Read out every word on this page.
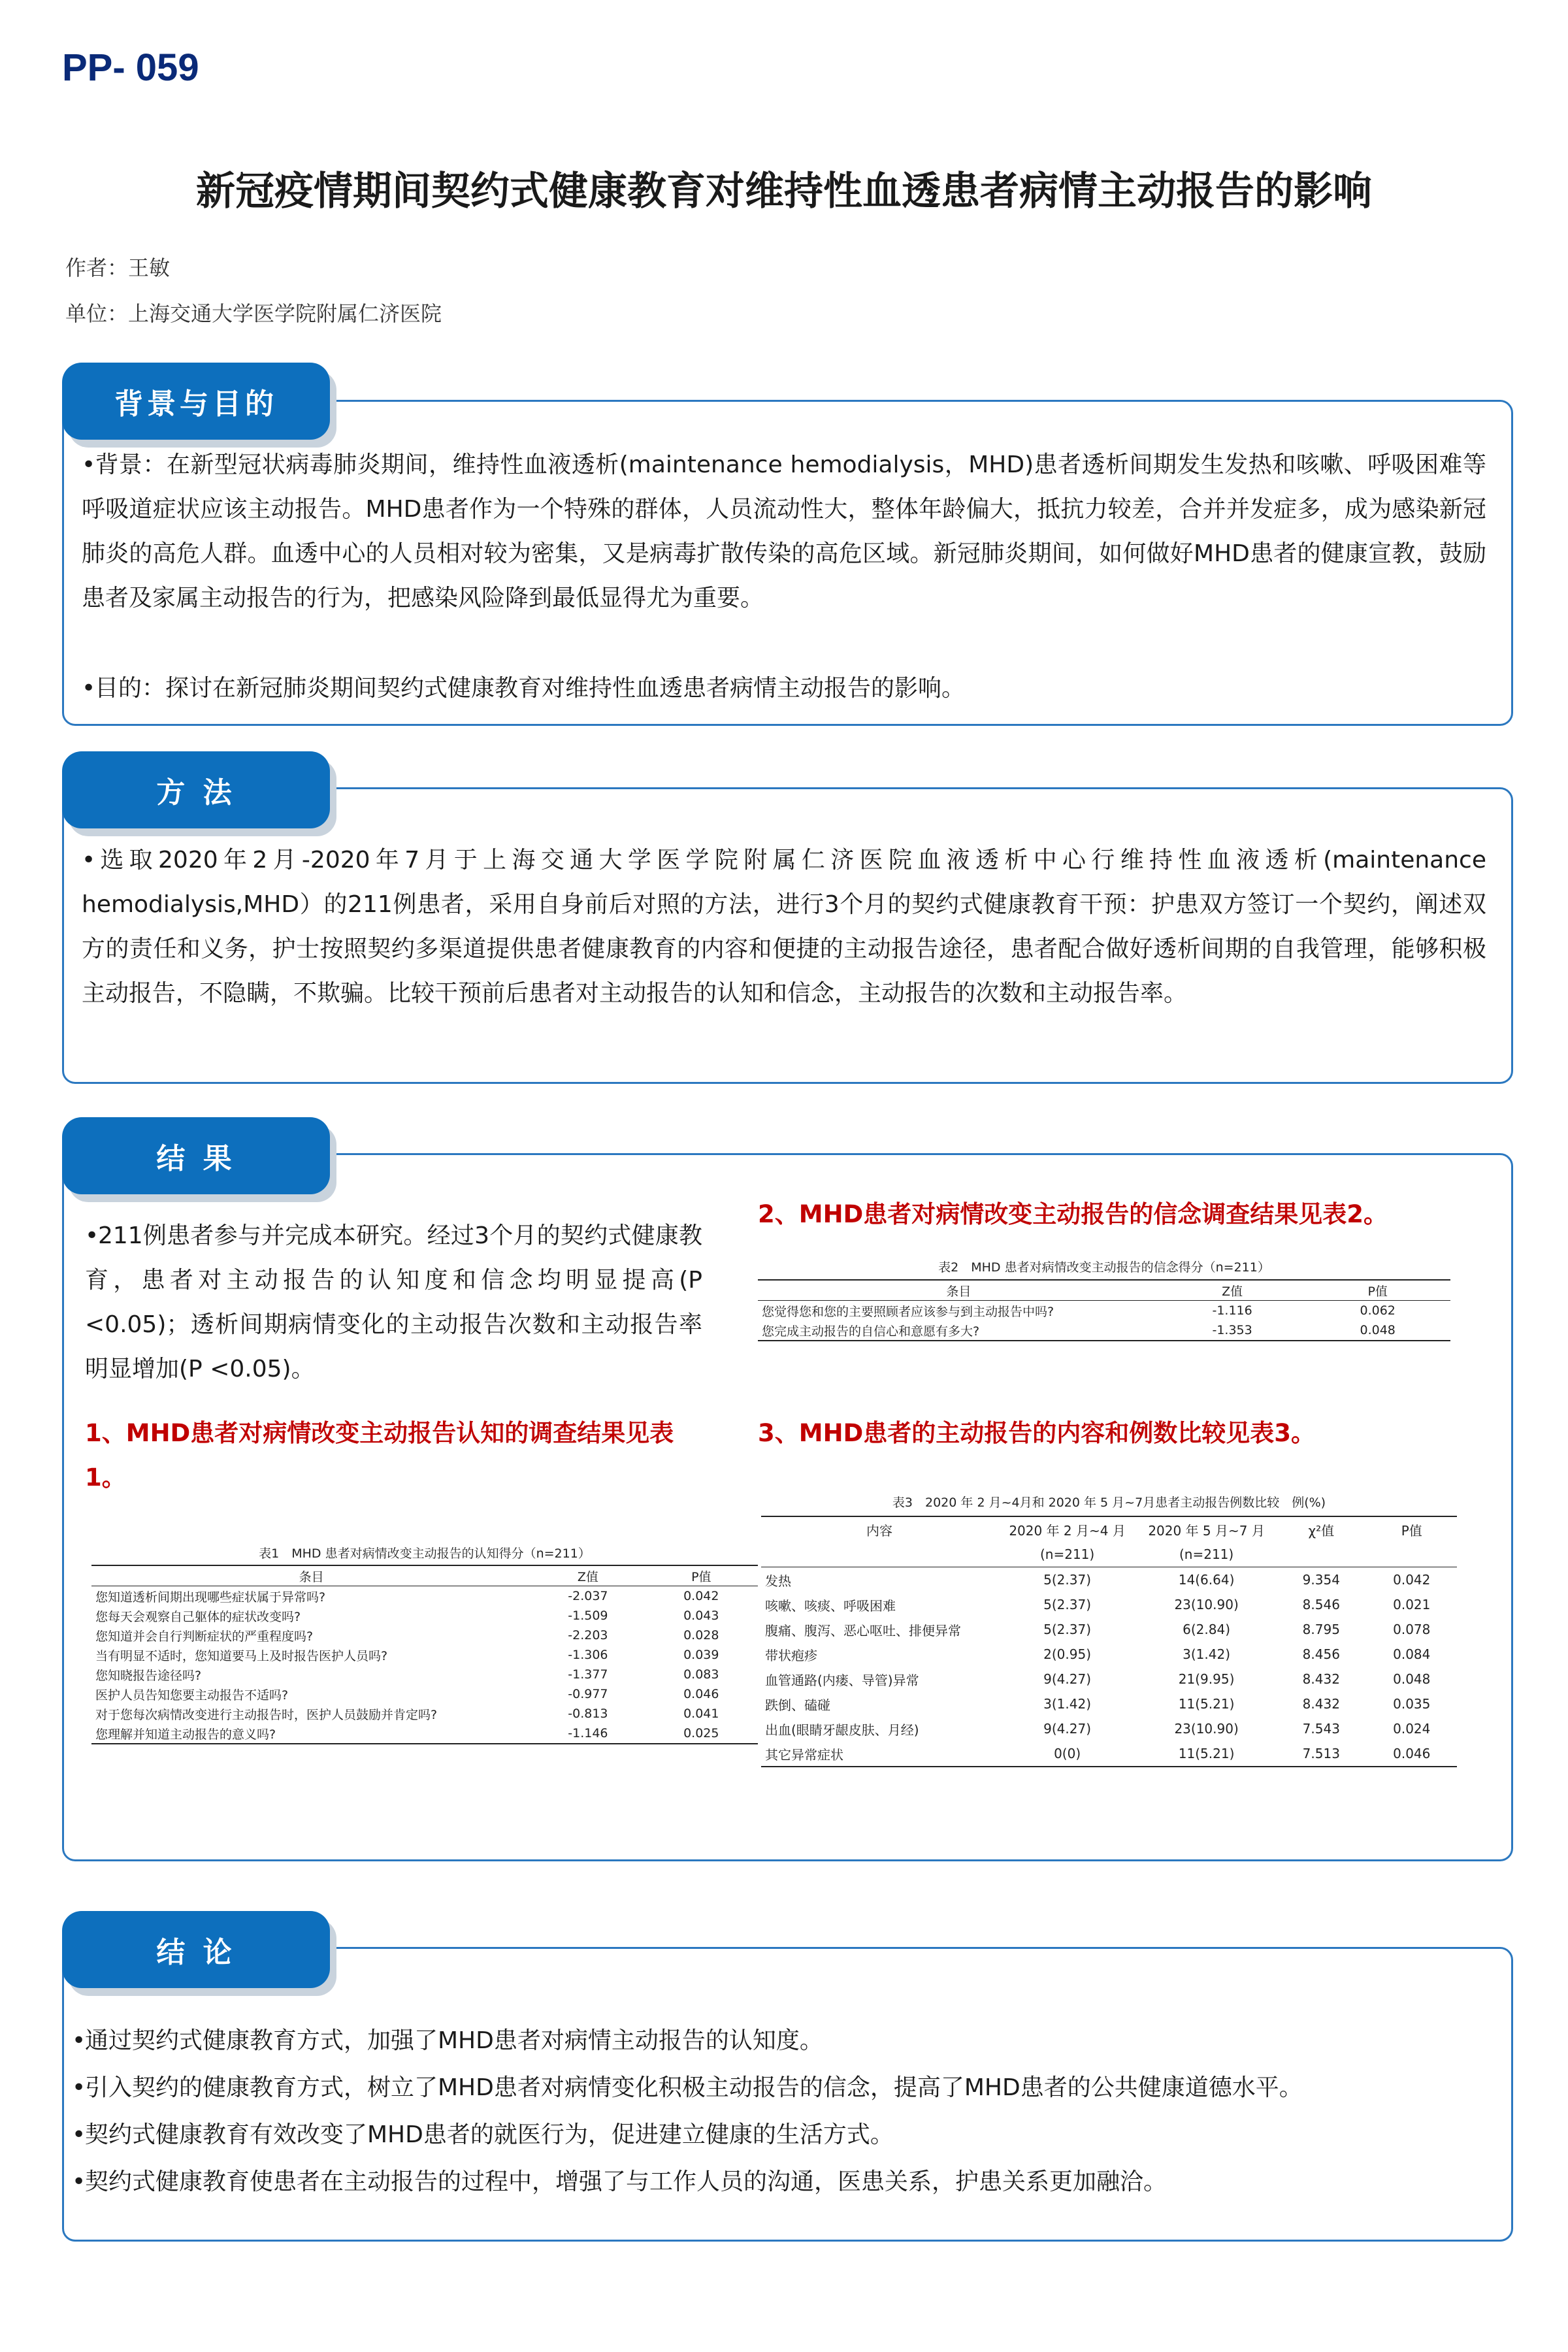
PP- 059
新冠疫情期间契约式健康教育对维持性血透患者病情主动报告的影响
作者：王敏
单位：上海交通大学医学院附属仁济医院
背景与目的
•背景：在新型冠状病毒肺炎期间，维持性血液透析(maintenance hemodialysis，MHD)患者透析间期发生发热和咳嗽、呼吸困难等呼吸道症状应该主动报告。MHD患者作为一个特殊的群体，人员流动性大，整体年龄偏大，抵抗力较差，合并并发症多，成为感染新冠肺炎的高危人群。血透中心的人员相对较为密集，又是病毒扩散传染的高危区域。新冠肺炎期间，如何做好MHD患者的健康宣教，鼓励患者及家属主动报告的行为，把感染风险降到最低显得尤为重要。
•目的：探讨在新冠肺炎期间契约式健康教育对维持性血透患者病情主动报告的影响。
方 法
•选取2020年2月-2020年7月于上海交通大学医学院附属仁济医院血液透析中心行维持性血液透析(maintenance hemodialysis,MHD）的211例患者，采用自身前后对照的方法，进行3个月的契约式健康教育干预：护患双方签订一个契约，阐述双方的责任和义务，护士按照契约多渠道提供患者健康教育的内容和便捷的主动报告途径，患者配合做好透析间期的自我管理，能够积极主动报告，不隐瞒，不欺骗。比较干预前后患者对主动报告的认知和信念，主动报告的次数和主动报告率。
结 果
•211例患者参与并完成本研究。经过3个月的契约式健康教育，患者对主动报告的认知度和信念均明显提高(P <0.05)；透析间期病情变化的主动报告次数和主动报告率明显增加(P <0.05)。
1、MHD患者对病情改变主动报告认知的调查结果见表1。
2、MHD患者对病情改变主动报告的信念调查结果见表2。
3、MHD患者的主动报告的内容和例数比较见表3。
表1　MHD 患者对病情改变主动报告的认知得分（n=211）
条目	Z值	P值
您知道透析间期出现哪些症状属于异常吗?	-2.037	0.042
您每天会观察自己躯体的症状改变吗?	-1.509	0.043
您知道并会自行判断症状的严重程度吗?	-2.203	0.028
当有明显不适时，您知道要马上及时报告医护人员吗?	-1.306	0.039
您知晓报告途径吗?	-1.377	0.083
医护人员告知您要主动报告不适吗?	-0.977	0.046
对于您每次病情改变进行主动报告时，医护人员鼓励并肯定吗?	-0.813	0.041
您理解并知道主动报告的意义吗?	-1.146	0.025
表2　MHD 患者对病情改变主动报告的信念得分（n=211）
条目	Z值	P值
您觉得您和您的主要照顾者应该参与到主动报告中吗?	-1.116	0.062
您完成主动报告的自信心和意愿有多大?	-1.353	0.048
表3　2020 年 2 月~4月和 2020 年 5 月~7月患者主动报告例数比较　例(%)
内容	2020 年 2 月~4 月	2020 年 5 月~7 月	χ²值	P值
	(n=211)	(n=211)		
发热	5(2.37)	14(6.64)	9.354	0.042
咳嗽、咳痰、呼吸困难	5(2.37)	23(10.90)	8.546	0.021
腹痛、腹泻、恶心呕吐、排便异常	5(2.37)	6(2.84)	8.795	0.078
带状疱疹	2(0.95)	3(1.42)	8.456	0.084
血管通路(内瘘、导管)异常	9(4.27)	21(9.95)	8.432	0.048
跌倒、磕碰	3(1.42)	11(5.21)	8.432	0.035
出血(眼睛牙龈皮肤、月经)	9(4.27)	23(10.90)	7.543	0.024
其它异常症状	0(0)	11(5.21)	7.513	0.046
结 论
•通过契约式健康教育方式，加强了MHD患者对病情主动报告的认知度。
•引入契约的健康教育方式，树立了MHD患者对病情变化积极主动报告的信念，提高了MHD患者的公共健康道德水平。
•契约式健康教育有效改变了MHD患者的就医行为，促进建立健康的生活方式。
•契约式健康教育使患者在主动报告的过程中，增强了与工作人员的沟通，医患关系，护患关系更加融洽。
